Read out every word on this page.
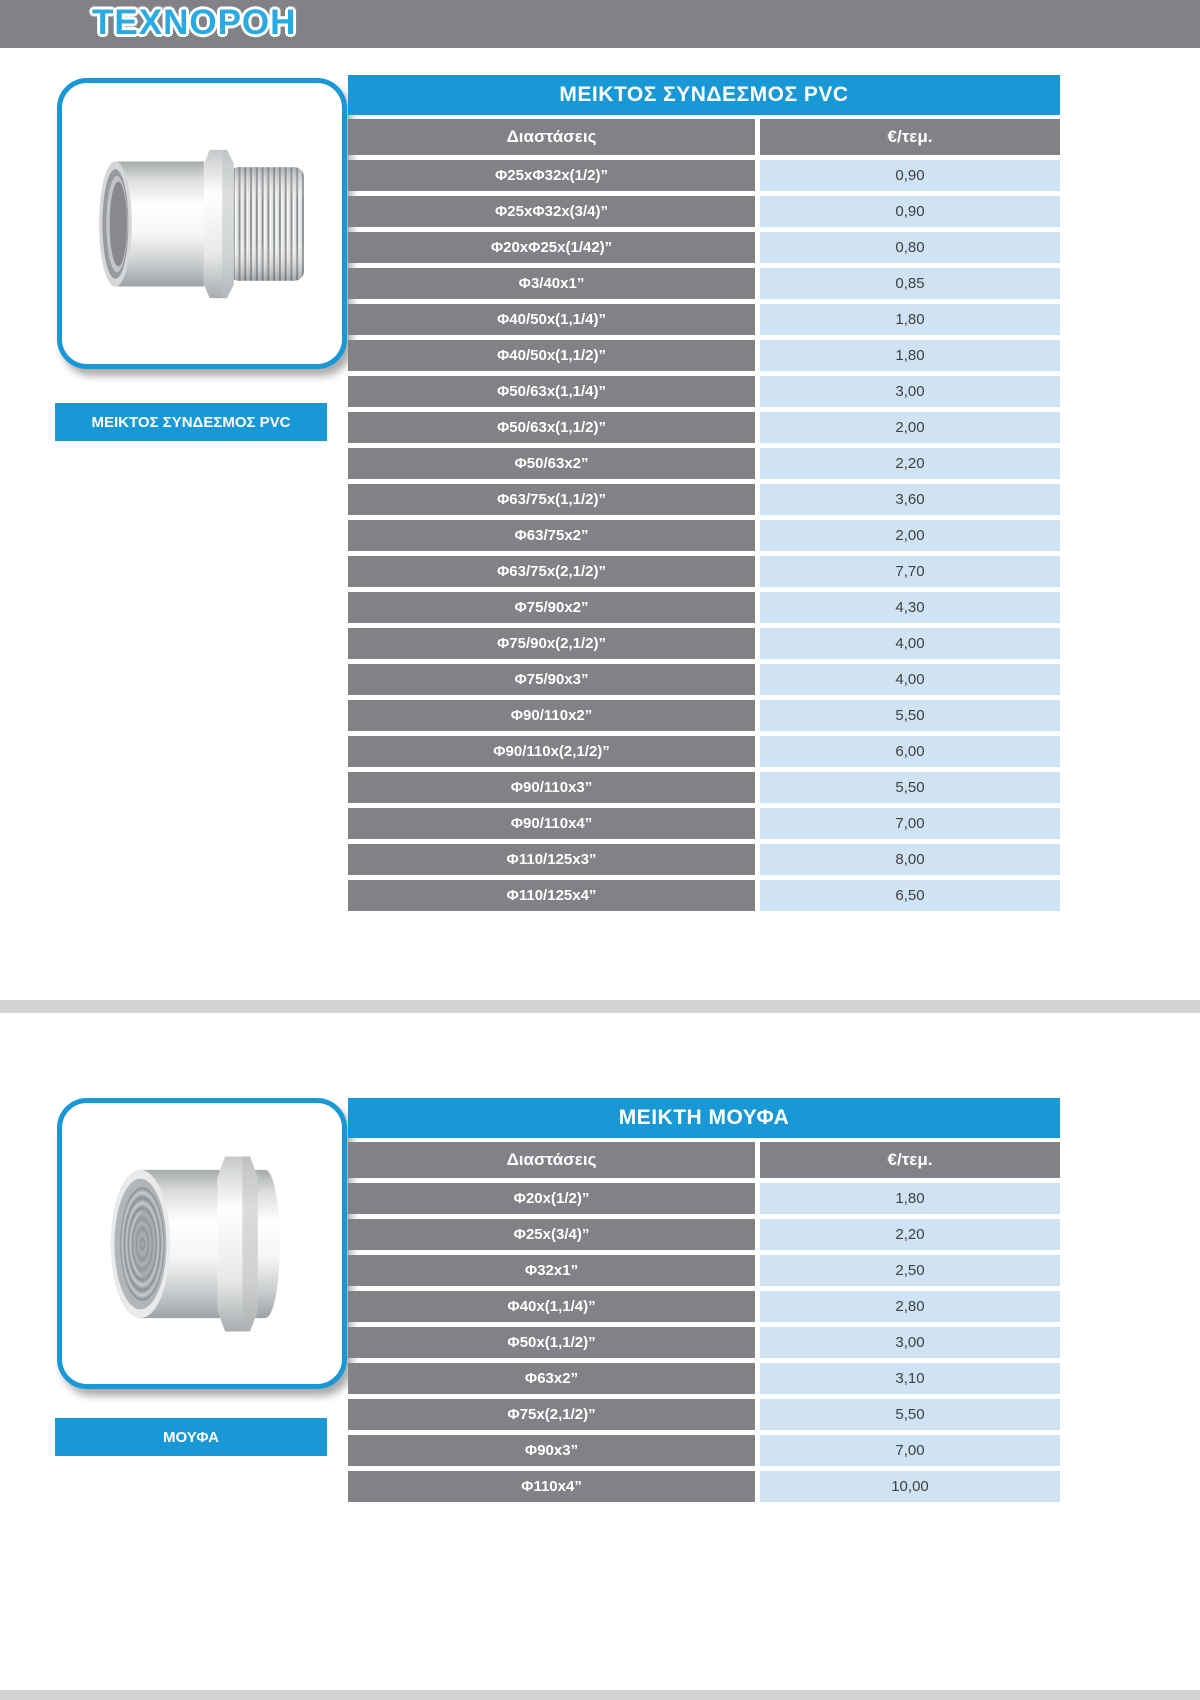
ΤΕΧΝΟΡΟΗ
ΜΕΙΚΤΟΣ ΣΥΝΔΕΣΜΟΣ PVC
ΜΕΙΚΤΟΣ ΣΥΝΔΕΣΜΟΣ PVC
Διαστάσεις	€/τεμ.
Φ25xΦ32x(1/2)”	0,90
Φ25xΦ32x(3/4)”	0,90
Φ20xΦ25x(1/42)”	0,80
Φ3/40x1”	0,85
Φ40/50x(1,1/4)”	1,80
Φ40/50x(1,1/2)”	1,80
Φ50/63x(1,1/4)”	3,00
Φ50/63x(1,1/2)”	2,00
Φ50/63x2”	2,20
Φ63/75x(1,1/2)”	3,60
Φ63/75x2”	2,00
Φ63/75x(2,1/2)”	7,70
Φ75/90x2”	4,30
Φ75/90x(2,1/2)”	4,00
Φ75/90x3”	4,00
Φ90/110x2”	5,50
Φ90/110x(2,1/2)”	6,00
Φ90/110x3”	5,50
Φ90/110x4”	7,00
Φ110/125x3”	8,00
Φ110/125x4”	6,50
ΜΟΥΦΑ
ΜΕΙΚΤΗ ΜΟΥΦΑ
Διαστάσεις	€/τεμ.
Φ20x(1/2)”	1,80
Φ25x(3/4)”	2,20
Φ32x1”	2,50
Φ40x(1,1/4)”	2,80
Φ50x(1,1/2)”	3,00
Φ63x2”	3,10
Φ75x(2,1/2)”	5,50
Φ90x3”	7,00
Φ110x4”	10,00
